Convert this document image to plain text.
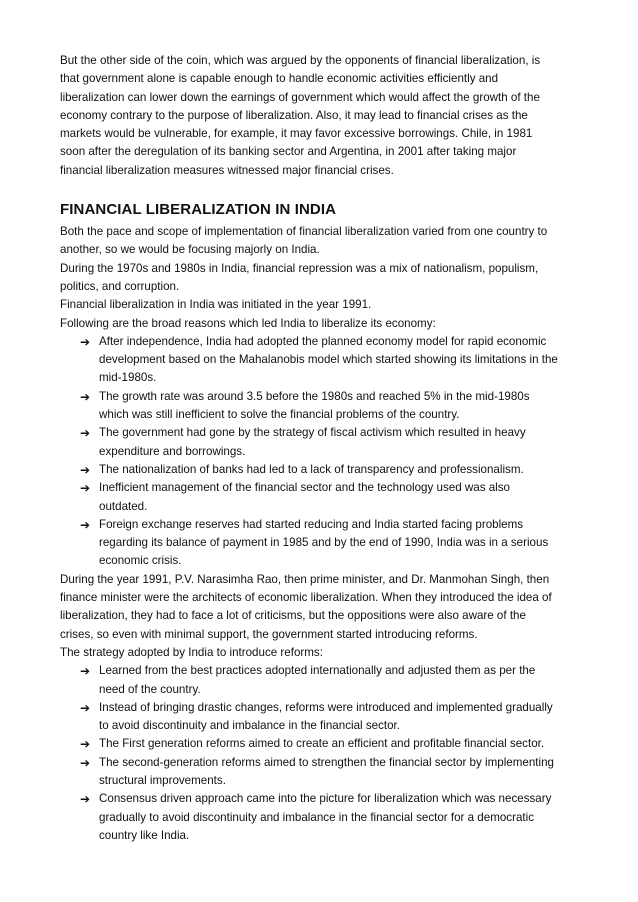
But the other side of the coin, which was argued by the opponents of financial liberalization, is that government alone is capable enough to handle economic activities efficiently and liberalization can lower down the earnings of government which would affect the growth of the economy contrary to the purpose of liberalization. Also, it may lead to financial crises as the markets would be vulnerable, for example, it may favor excessive borrowings. Chile, in 1981 soon after the deregulation of its banking sector and Argentina, in 2001 after taking major financial liberalization measures witnessed major financial crises.

FINANCIAL LIBERALIZATION IN INDIA

Both the pace and scope of implementation of financial liberalization varied from one country to another, so we would be focusing majorly on India.

During the 1970s and 1980s in India, financial repression was a mix of nationalism, populism, politics, and corruption.

Financial liberalization in India was initiated in the year 1991.

Following are the broad reasons which led India to liberalize its economy:

➔ After independence, India had adopted the planned economy model for rapid economic development based on the Mahalanobis model which started showing its limitations in the mid-1980s.
➔ The growth rate was around 3.5 before the 1980s and reached 5% in the mid-1980s which was still inefficient to solve the financial problems of the country.
➔ The government had gone by the strategy of fiscal activism which resulted in heavy expenditure and borrowings.
➔ The nationalization of banks had led to a lack of transparency and professionalism.
➔ Inefficient management of the financial sector and the technology used was also outdated.
➔ Foreign exchange reserves had started reducing and India started facing problems regarding its balance of payment in 1985 and by the end of 1990, India was in a serious economic crisis.

During the year 1991, P.V. Narasimha Rao, then prime minister, and Dr. Manmohan Singh, then finance minister were the architects of economic liberalization. When they introduced the idea of liberalization, they had to face a lot of criticisms, but the oppositions were also aware of the crises, so even with minimal support, the government started introducing reforms.

The strategy adopted by India to introduce reforms:

➔ Learned from the best practices adopted internationally and adjusted them as per the need of the country.
➔ Instead of bringing drastic changes, reforms were introduced and implemented gradually to avoid discontinuity and imbalance in the financial sector.
➔ The First generation reforms aimed to create an efficient and profitable financial sector.
➔ The second-generation reforms aimed to strengthen the financial sector by implementing structural improvements.
➔ Consensus driven approach came into the picture for liberalization which was necessary gradually to avoid discontinuity and imbalance in the financial sector for a democratic country like India.
